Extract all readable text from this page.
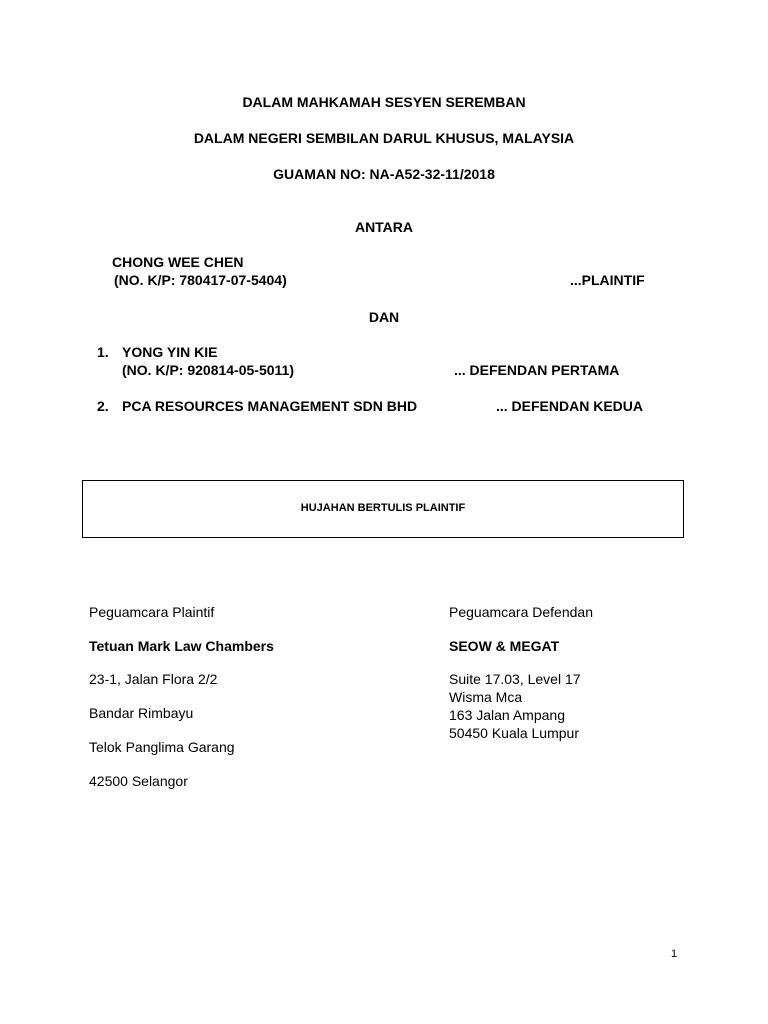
DALAM MAHKAMAH SESYEN SEREMBAN
DALAM NEGERI SEMBILAN DARUL KHUSUS, MALAYSIA
GUAMAN NO: NA-A52-32-11/2018
ANTARA
CHONG WEE CHEN
(NO. K/P: 780417-07-5404)	...PLAINTIF
DAN
1. YONG YIN KIE
(NO. K/P: 920814-05-5011)	... DEFENDAN PERTAMA
2. PCA RESOURCES MANAGEMENT SDN BHD	... DEFENDAN KEDUA
HUJAHAN BERTULIS PLAINTIF
Peguamcara Plaintif
Tetuan Mark Law Chambers
23-1, Jalan Flora 2/2
Bandar Rimbayu
Telok Panglima Garang
42500 Selangor
Peguamcara Defendan
SEOW & MEGAT
Suite 17.03, Level 17
Wisma Mca
163 Jalan Ampang
50450 Kuala Lumpur
1
